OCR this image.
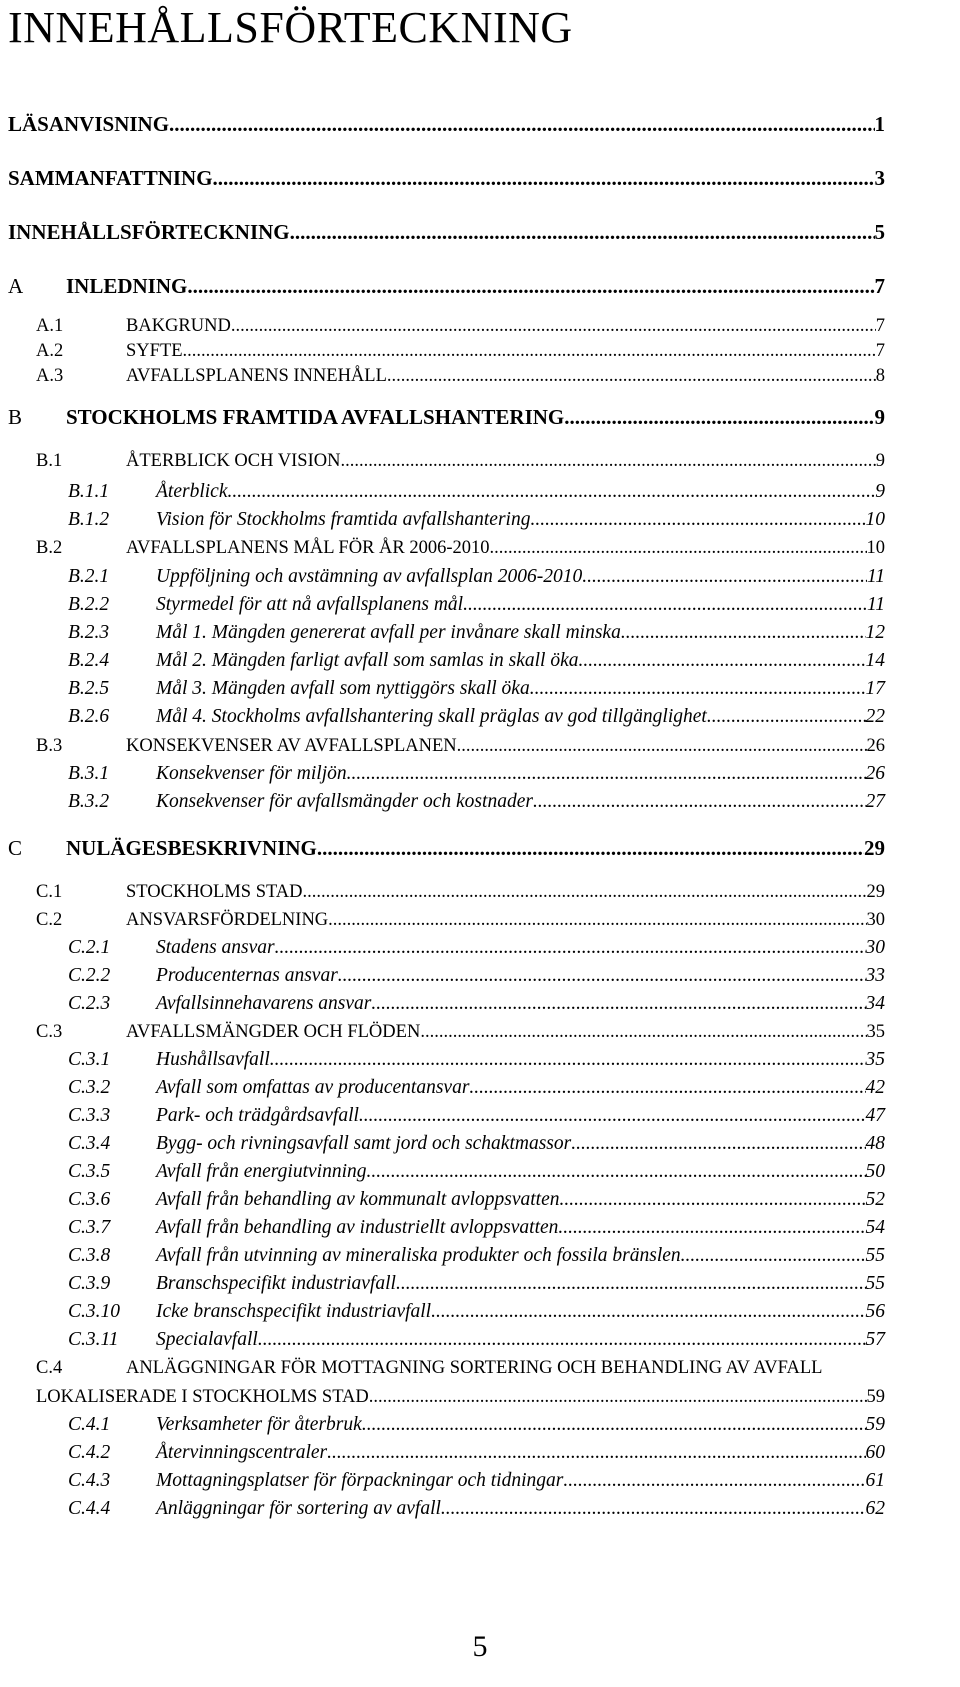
INNEHÅLLSFÖRTECKNING
LÄSANVISNING .....	1
SAMMANFATTNING .....	3
INNEHÅLLSFÖRTECKNING .....	5
A	INLEDNING .....	7
A.1	BAKGRUND .....	7
A.2	SYFTE .....	7
A.3	AVFALLSPLANENS INNEHÅLL .....	8
B	STOCKHOLMS FRAMTIDA AVFALLSHANTERING .....	9
B.1	ÅTERBLICK OCH VISION .....	9
B.1.1	Återblick .....	9
B.1.2	Vision för Stockholms framtida avfallshantering .....	10
B.2	AVFALLSPLANENS MÅL FÖR ÅR 2006-2010 .....	10
B.2.1	Uppföljning och avstämning av avfallsplan 2006-2010 .....	11
B.2.2	Styrmedel för att nå avfallsplanens mål .....	11
B.2.3	Mål 1. Mängden genererat avfall per invånare skall minska .....	12
B.2.4	Mål 2. Mängden farligt avfall som samlas in skall öka .....	14
B.2.5	Mål 3. Mängden avfall som nyttiggörs skall öka .....	17
B.2.6	Mål 4. Stockholms avfallshantering skall präglas av god tillgänglighet .....	22
B.3	KONSEKVENSER AV AVFALLSPLANEN .....	26
B.3.1	Konsekvenser för miljön .....	26
B.3.2	Konsekvenser för avfallsmängder och kostnader .....	27
C	NULÄGESBESKRIVNING .....	29
C.1	STOCKHOLMS STAD .....	29
C.2	ANSVARSFÖRDELNING .....	30
C.2.1	Stadens ansvar .....	30
C.2.2	Producenternas ansvar .....	33
C.2.3	Avfallsinnehavarens ansvar .....	34
C.3	AVFALLSMÄNGDER OCH FLÖDEN .....	35
C.3.1	Hushållsavfall .....	35
C.3.2	Avfall som omfattas av producentansvar .....	42
C.3.3	Park- och trädgårdsavfall .....	47
C.3.4	Bygg- och rivningsavfall samt jord och schaktmassor .....	48
C.3.5	Avfall från energiutvinning .....	50
C.3.6	Avfall från behandling av kommunalt avloppsvatten .....	52
C.3.7	Avfall från behandling av industriellt avloppsvatten .....	54
C.3.8	Avfall från utvinning av mineraliska produkter och fossila bränslen .....	55
C.3.9	Branschspecifikt industriavfall .....	55
C.3.10	Icke branschspecifikt industriavfall .....	56
C.3.11	Specialavfall .....	57
C.4	ANLÄGGNINGAR FÖR MOTTAGNING SORTERING OCH BEHANDLING AV AVFALL
LOKALISERADE I STOCKHOLMS STAD .....	59
C.4.1	Verksamheter för återbruk .....	59
C.4.2	Återvinningscentraler .....	60
C.4.3	Mottagningsplatser för förpackningar och tidningar .....	61
C.4.4	Anläggningar för sortering av avfall .....	62
5
